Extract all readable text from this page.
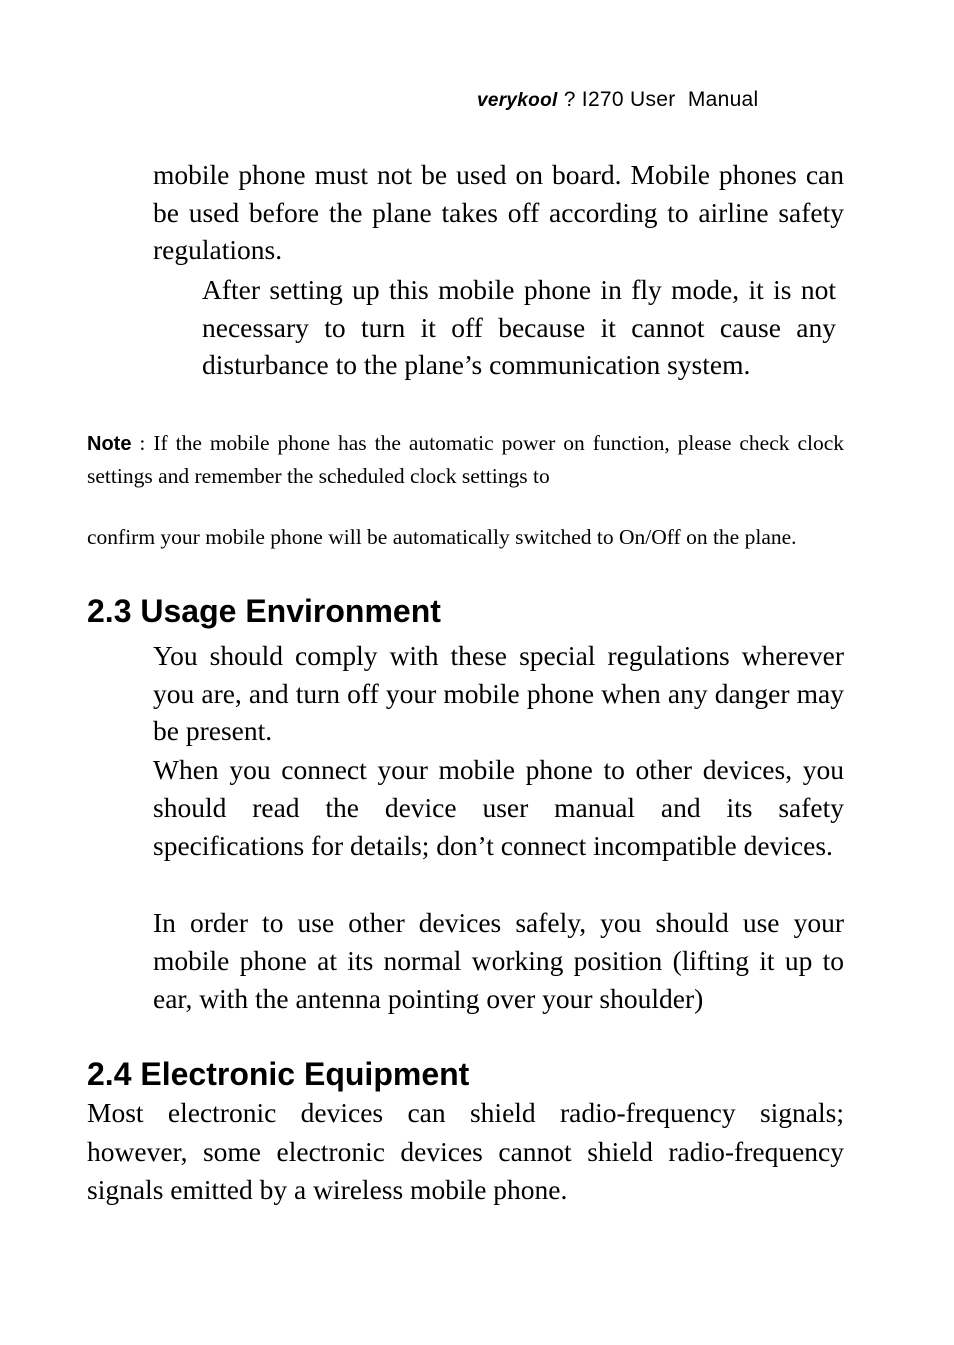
verykool ? I270 User  Manual

mobile phone must not be used on board. Mobile phones can be used before the plane takes off according to airline safety regulations.

After setting up this mobile phone in fly mode, it is not necessary to turn it off because it cannot cause any disturbance to the plane’s communication system.

Note : If the mobile phone has the automatic power on function, please check clock settings and remember the scheduled clock settings to

confirm your mobile phone will be automatically switched to On/Off on the plane.

2.3 Usage Environment

You should comply with these special regulations wherever you are, and turn off your mobile phone when any danger may be present.

When you connect your mobile phone to other devices, you should read the device user manual and its safety specifications for details; don’t connect incompatible devices.

In order to use other devices safely, you should use your mobile phone at its normal working position (lifting it up to ear, with the antenna pointing over your shoulder)

2.4 Electronic Equipment

Most electronic devices can shield radio-frequency signals; however, some electronic devices cannot shield radio-frequency signals emitted by a wireless mobile phone.
